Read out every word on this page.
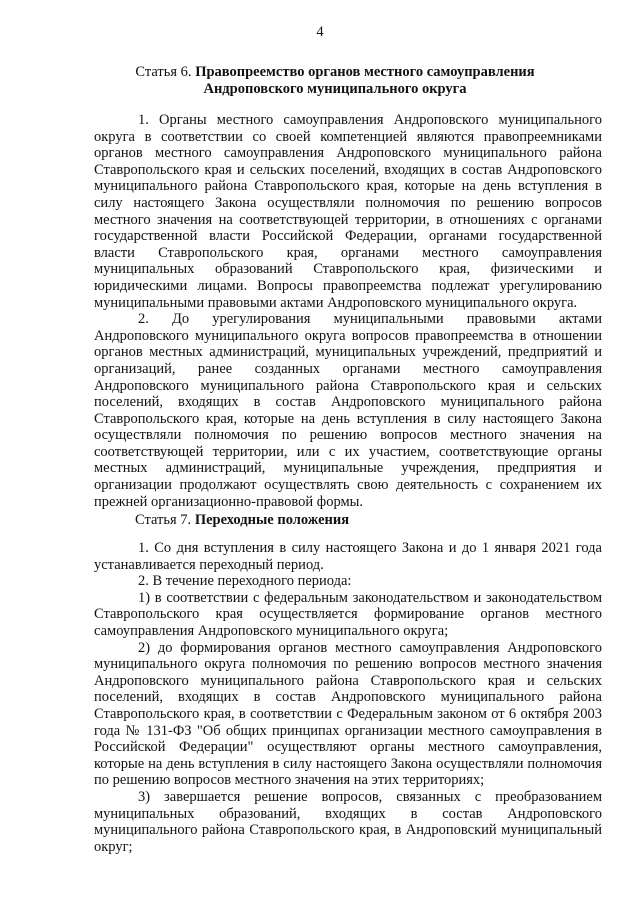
4
Статья 6. Правопреемство органов местного самоуправления Андроповского муниципального округа

1. Органы местного самоуправления Андроповского муниципального округа в соответствии со своей компетенцией являются правопреемниками органов местного самоуправления Андроповского муниципального района Ставропольского края и сельских поселений, входящих в состав Андроповского муниципального района Ставропольского края, которые на день вступления в силу настоящего Закона осуществляли полномочия по решению вопросов местного значения на соответствующей территории, в отношениях с органами государственной власти Российской Федерации, органами государственной власти Ставропольского края, органами местного самоуправления муниципальных образований Ставропольского края, физическими и юридическими лицами. Вопросы правопреемства подлежат урегулированию муниципальными правовыми актами Андроповского муниципального округа.

2. До урегулирования муниципальными правовыми актами Андроповского муниципального округа вопросов правопреемства в отношении органов местных администраций, муниципальных учреждений, предприятий и организаций, ранее созданных органами местного самоуправления Андроповского муниципального района Ставропольского края и сельских поселений, входящих в состав Андроповского муниципального района Ставропольского края, которые на день вступления в силу настоящего Закона осуществляли полномочия по решению вопросов местного значения на соответствующей территории, или с их участием, соответствующие органы местных администраций, муниципальные учреждения, предприятия и организации продолжают осуществлять свою деятельность с сохранением их прежней организационно-правовой формы.

Статья 7. Переходные положения

1. Со дня вступления в силу настоящего Закона и до 1 января 2021 года устанавливается переходный период.

2. В течение переходного периода:

1) в соответствии с федеральным законодательством и законодательством Ставропольского края осуществляется формирование органов местного самоуправления Андроповского муниципального округа;

2) до формирования органов местного самоуправления Андроповского муниципального округа полномочия по решению вопросов местного значения Андроповского муниципального района Ставропольского края и сельских поселений, входящих в состав Андроповского муниципального района Ставропольского края, в соответствии с Федеральным законом от 6 октября 2003 года № 131-ФЗ "Об общих принципах организации местного самоуправления в Российской Федерации" осуществляют органы местного самоуправления, которые на день вступления в силу настоящего Закона осуществляли полномочия по решению вопросов местного значения на этих территориях;

3) завершается решение вопросов, связанных с преобразованием муниципальных образований, входящих в состав Андроповского муниципального района Ставропольского края, в Андроповский муниципальный округ;
